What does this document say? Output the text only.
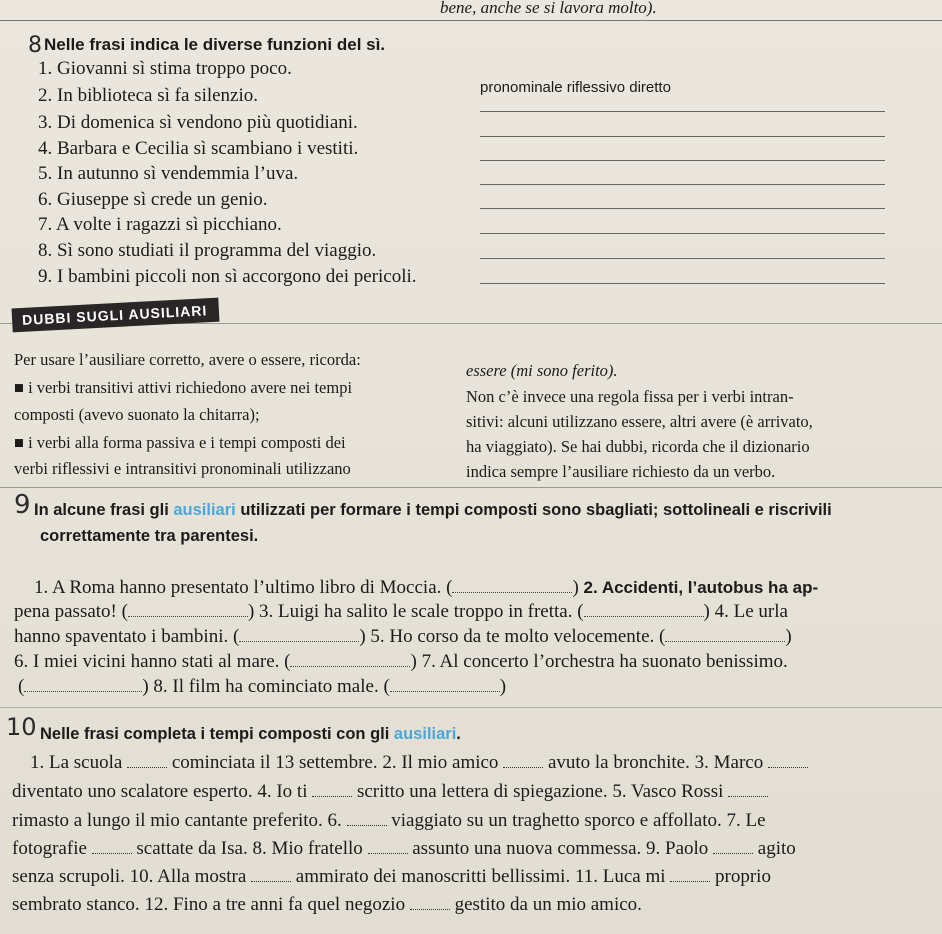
bene, anche se si lavora molto).
8 Nelle frasi indica le diverse funzioni del sì.
1. Giovanni sì stima troppo poco.
2. In biblioteca sì fa silenzio.
3. Di domenica sì vendono più quotidiani.
4. Barbara e Cecilia sì scambiano i vestiti.
5. In autunno sì vendemmia l’uva.
6. Giuseppe sì crede un genio.
7. A volte i ragazzi sì picchiano.
8. Sì sono studiati il programma del viaggio.
9. I bambini piccoli non sì accorgono dei pericoli.
pronominale riflessivo diretto
DUBBI SUGLI AUSILIARI
Per usare l’ausiliare corretto, avere o essere, ricorda:
■ i verbi transitivi attivi richiedono avere nei tempi
composti (avevo suonato la chitarra);
■ i verbi alla forma passiva e i tempi composti dei
verbi riflessivi e intransitivi pronominali utilizzano
essere (mi sono ferito).
Non c’è invece una regola fissa per i verbi intran-
sitivi: alcuni utilizzano essere, altri avere (è arrivato,
ha viaggiato). Se hai dubbi, ricorda che il dizionario
indica sempre l’ausiliare richiesto da un verbo.
9 In alcune frasi gli ausiliari utilizzati per formare i tempi composti sono sbagliati; sottolineali e riscrivili
correttamente tra parentesi.
1. A Roma hanno presentato l’ultimo libro di Moccia. (	) 2. Accidenti, l’autobus ha ap-
pena passato! (	) 3. Luigi ha salito le scale troppo in fretta. (	) 4. Le urla
hanno spaventato i bambini. (	) 5. Ho corso da te molto velocemente. (	)
6. I miei vicini hanno stati al mare. (	) 7. Al concerto l’orchestra ha suonato benissimo.
(	) 8. Il film ha cominciato male. (	)
10 Nelle frasi completa i tempi composti con gli ausiliari.
1. La scuola  cominciata il 13 settembre. 2. Il mio amico  avuto la bronchite. 3. Marco
diventato uno scalatore esperto. 4. Io ti  scritto una lettera di spiegazione. 5. Vasco Rossi
rimasto a lungo il mio cantante preferito. 6.  viaggiato su un traghetto sporco e affollato. 7. Le
fotografie  scattate da Isa. 8. Mio fratello  assunto una nuova commessa. 9. Paolo  agito
senza scrupoli. 10. Alla mostra  ammirato dei manoscritti bellissimi. 11. Luca mi  proprio
sembrato stanco. 12. Fino a tre anni fa quel negozio  gestito da un mio amico.
